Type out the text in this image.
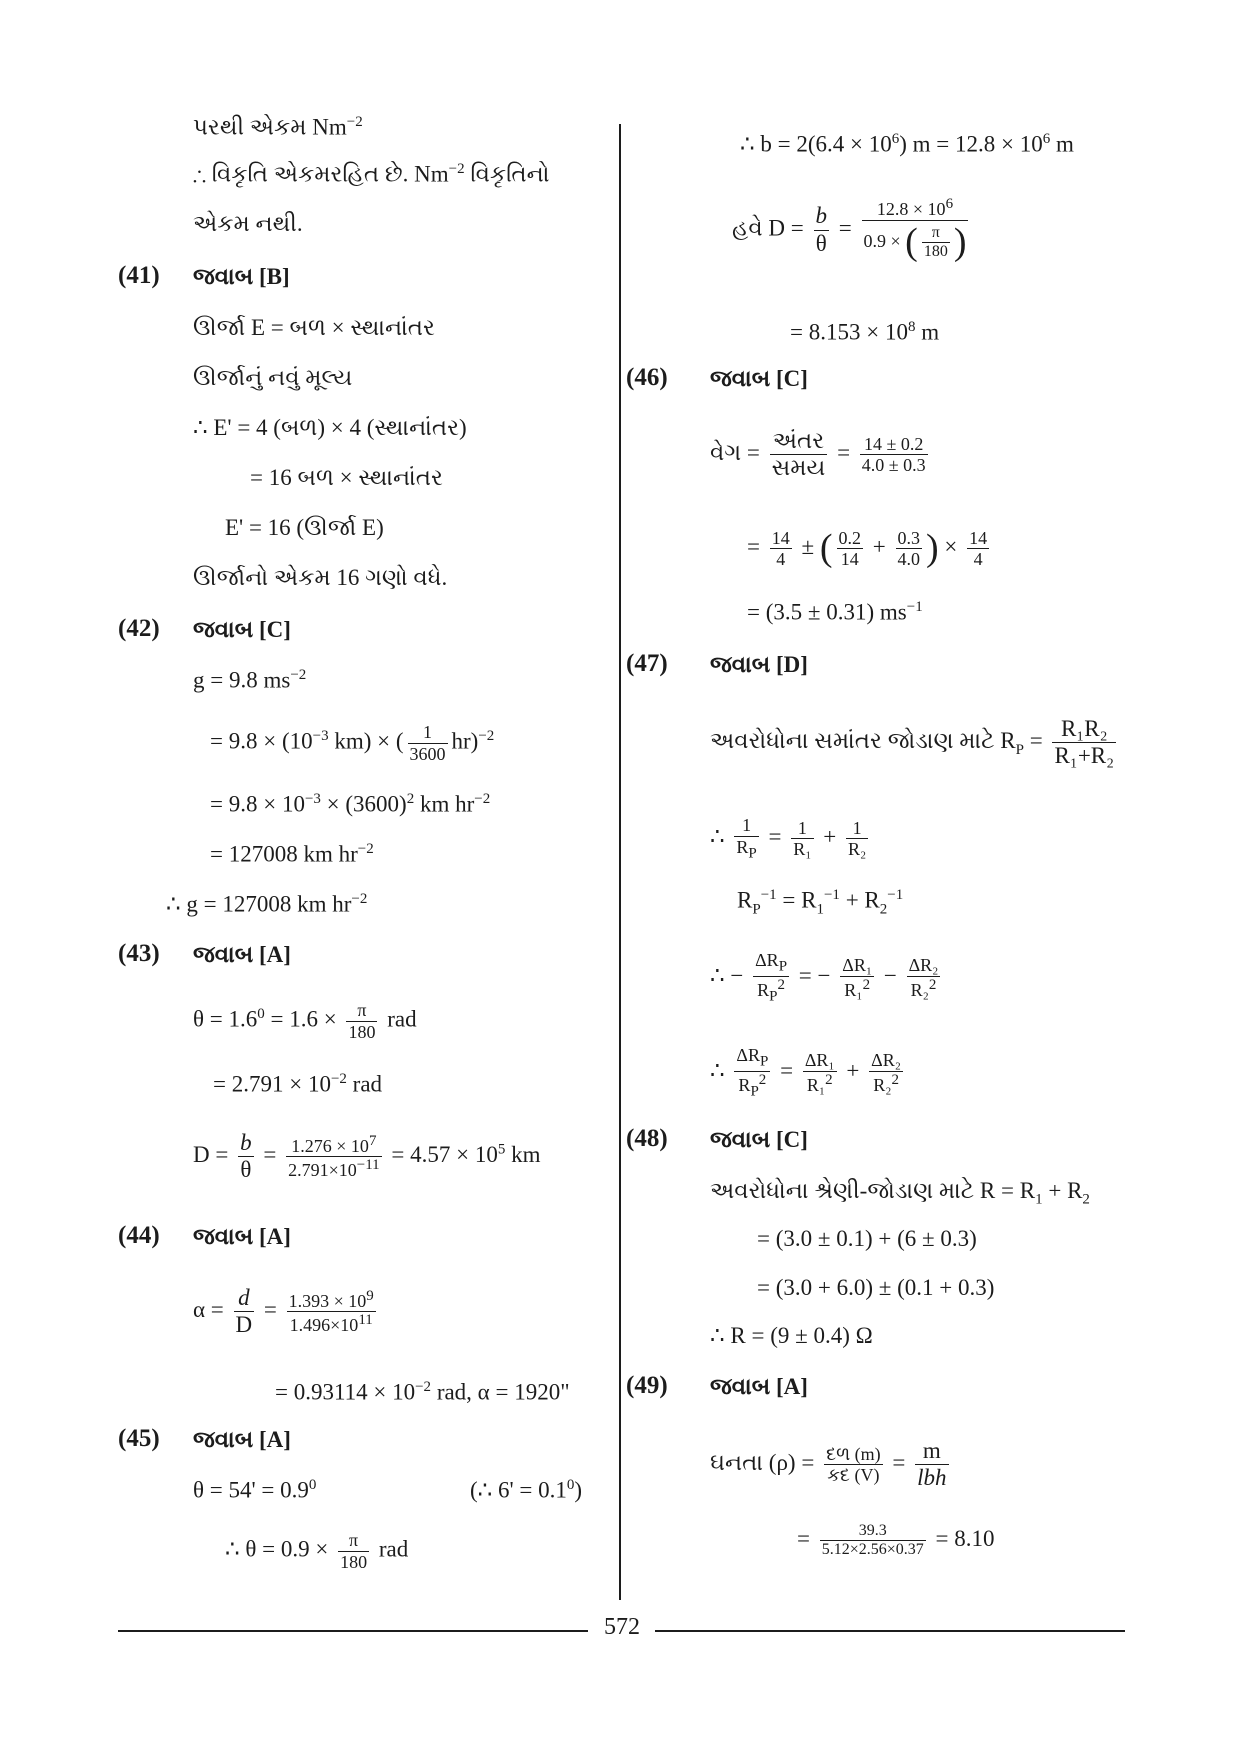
પરથી એકમ $Nm^{-2}$
∴ વિકૃતિ એકમરહિત છે. $Nm^{-2}$ વિકૃતિનો
એકમ નથી.
(41) જવાબ [B]
ઊર્જા E = બળ × સ્થાનાંતર
ઊર્જાનું નવું મૂલ્ય
∴ E' = 4 (બળ) × 4 (સ્થાનાંતર)
= 16 બળ × સ્થાનાંતર
E' = 16 (ઊર્જા E)
ઊર્જાનો એકમ 16 ગણો વધે.
(42) જવાબ [C]
g = 9.8 $ms^{-2}$
= $9.8 \times (10^{-3}$ km) × ( $\frac{1}{3600} hr)^{-2}$
= $9.8 \times 10^{-3} \times (3600)^2$ km $hr^{-2}$
= 127008 km $hr^{-2}$
∴ g = 127008 km $hr^{-2}$
(43) જવાબ [A]
$\theta = 1.6^0 = 1.6 \times \frac{\pi}{180}$ rad
= $2.791 \times 10^{-2}$ rad
$D = \frac{b}{\theta} = \frac{1.276 \times 10^7}{2.791\times 10^{-11}} = 4.57 \times 10^5$ km
(44) જવાબ [A]
$\alpha = \frac{d}{D} = \frac{1.393 \times 10^9}{1.496\times 10^{11}}$
= $0.93114 \times 10^{-2}$ rad, α = 1920"
(45) જવાબ [A]
$\theta = 54' = 0.9^0$	(∴ $6' = 0.1^0$)
∴ $\theta = 0.9 \times \frac{\pi}{180}$ rad
∴ $b = 2(6.4 \times 10^6)$ $m = 12.8 \times 10^6$ m
હવે $D = \frac{b}{\theta} = \frac{12.8 \times 10^6}{0.9 \times ( \frac{\pi}{180} )}$
= $8.153 \times 10^8$ m
(46) જવાબ [C]
વેગ = અંતર
સમય
= $\frac{14 \pm 0.2}{4.0 \pm 0.3}$
= $\frac{14}{4}$ ± ( $\frac{0.2}{14} + \frac{0.3}{4.0}$ ) × $\frac{14}{4}$
= (3.5 ± 0.31) $ms^{-1}$
(47) જવાબ [D]
અવરોધોના સમાંતર જોડાણ માટે $R_P = \frac{\text{R₁R₂}}{\text{R₁+R₂}}$
∴ $\frac{1}{R_P} = \frac{1}{\text{R₁}} + \frac{1}{\text{R₂}}$
$R_P^{-1} = R_1^{-1} + R_2^{-1}$
∴ −
$\Delta R_P$
$R_P^2$ = − $\frac{\text{ΔR₁}}{R_1^2} - \frac{\text{ΔR₂}}{R_2^2}$
∴
$\Delta R_P$
$R_P^2 = \frac{\text{ΔR₁}}{R_1^2} + \frac{\text{ΔR₂}}{R_2^2}$
(48) જવાબ [C]
અવરોધોના શ્રેણી-જોડાણ માટે $R = R_1 + R_2$
= (3.0 ± 0.1) + (6 ± 0.3)
= (3.0 + 6.0) ± (0.1 + 0.3)
∴ R = (9 ± 0.4) Ω
(49) જવાબ [A]
ઘનતા (ρ) = દળ (m)
કદ (V)
= m
lbh
= $\frac{39.3}{5.12\times 2.56\times 0.37} = 8.10$
572
